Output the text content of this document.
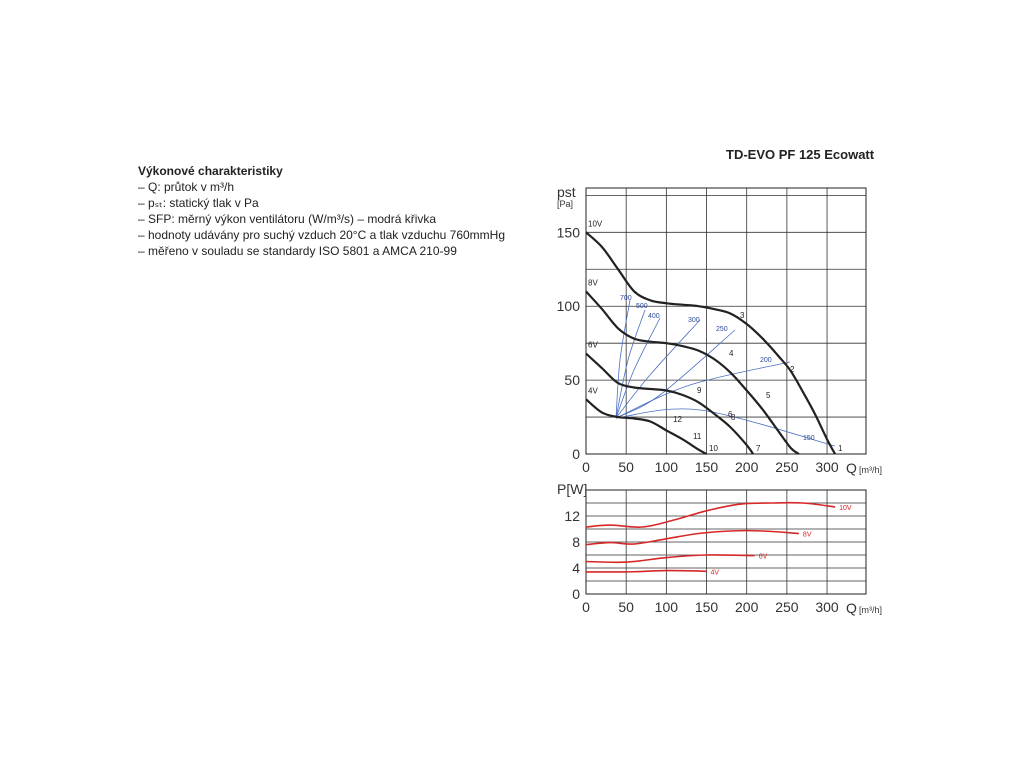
Výkonové charakteristiky
– Q: průtok v m³/h
– pₛₜ: statický tlak v Pa
– SFP: měrný výkon ventilátoru (W/m³/s) – modrá křivka
– hodnoty udávány pro suchý vzduch 20°C a tlak vzduchu 760mmHg
– měřeno v souladu se standardy ISO 5801 a AMCA 210-99
TD-EVO PF 125 Ecowatt
0 50 100 150 200 250 300
0
50
100
150
Q [m³/h]
pst
[Pa]
700
500
400
300
250
200
150
10V
8V
6V
4V
1
2
3
4
5
6
7
8
9
10
11
12
0 50 100 150 200 250 300
0
4
8
12
Q [m³/h]
P[W]
10V
8V
6V
4V
